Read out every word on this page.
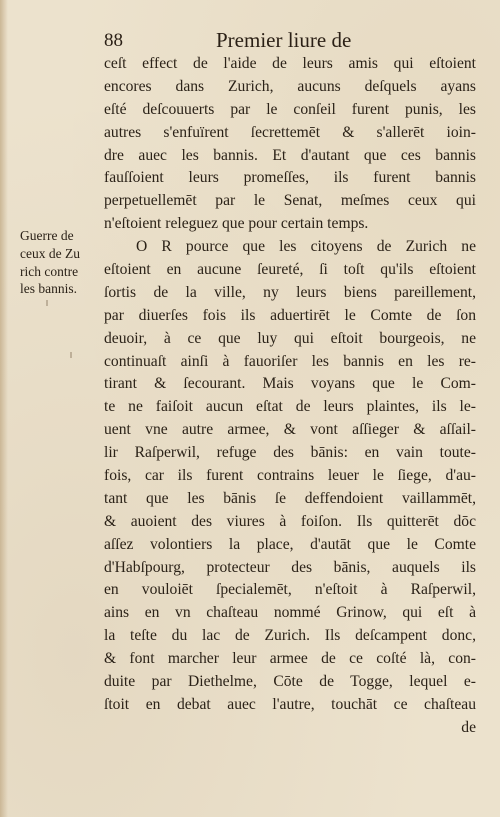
88	Premier liure de
Guerre de
ceux de Zu
rich contre
les bannis.
ceſt effect de l'aide de leurs amis qui eſtoient
encores dans Zurich, aucuns deſquels ayans
eſté deſcouuerts par le conſeil furent punis, les
autres s'enfuïrent ſecrettemēt & s'allerēt ioin-
dre auec les bannis. Et d'autant que ces bannis
fauſſoient leurs promeſſes, ils furent bannis
perpetuellemēt par le Senat, meſmes ceux qui
n'eſtoient releguez que pour certain temps.
O R pource que les citoyens de Zurich ne
eſtoient en aucune ſeureté, ſi toſt qu'ils eſtoient
ſortis de la ville, ny leurs biens pareillement,
par diuerſes fois ils aduertirēt le Comte de ſon
deuoir, à ce que luy qui eſtoit bourgeois, ne
continuaſt ainſi à fauoriſer les bannis en les re-
tirant & ſecourant. Mais voyans que le Com-
te ne faiſoit aucun eſtat de leurs plaintes, ils le-
uent vne autre armee, & vont aſſieger & aſſail-
lir Raſperwil, refuge des bānis: en vain toute-
fois, car ils furent contrains leuer le ſiege, d'au-
tant que les bānis ſe deffendoient vaillammēt,
& auoient des viures à foiſon. Ils quitterēt dōc
aſſez volontiers la place, d'autāt que le Comte
d'Habſpourg, protecteur des bānis, auquels ils
en vouloiēt ſpecialemēt, n'eſtoit à Raſperwil,
ains en vn chaſteau nommé Grinow, qui eſt à
la teſte du lac de Zurich. Ils deſcampent donc,
& font marcher leur armee de ce coſté là, con-
duite par Diethelme, Cōte de Togge, lequel e-
ſtoit en debat auec l'autre, touchāt ce chaſteau
de
